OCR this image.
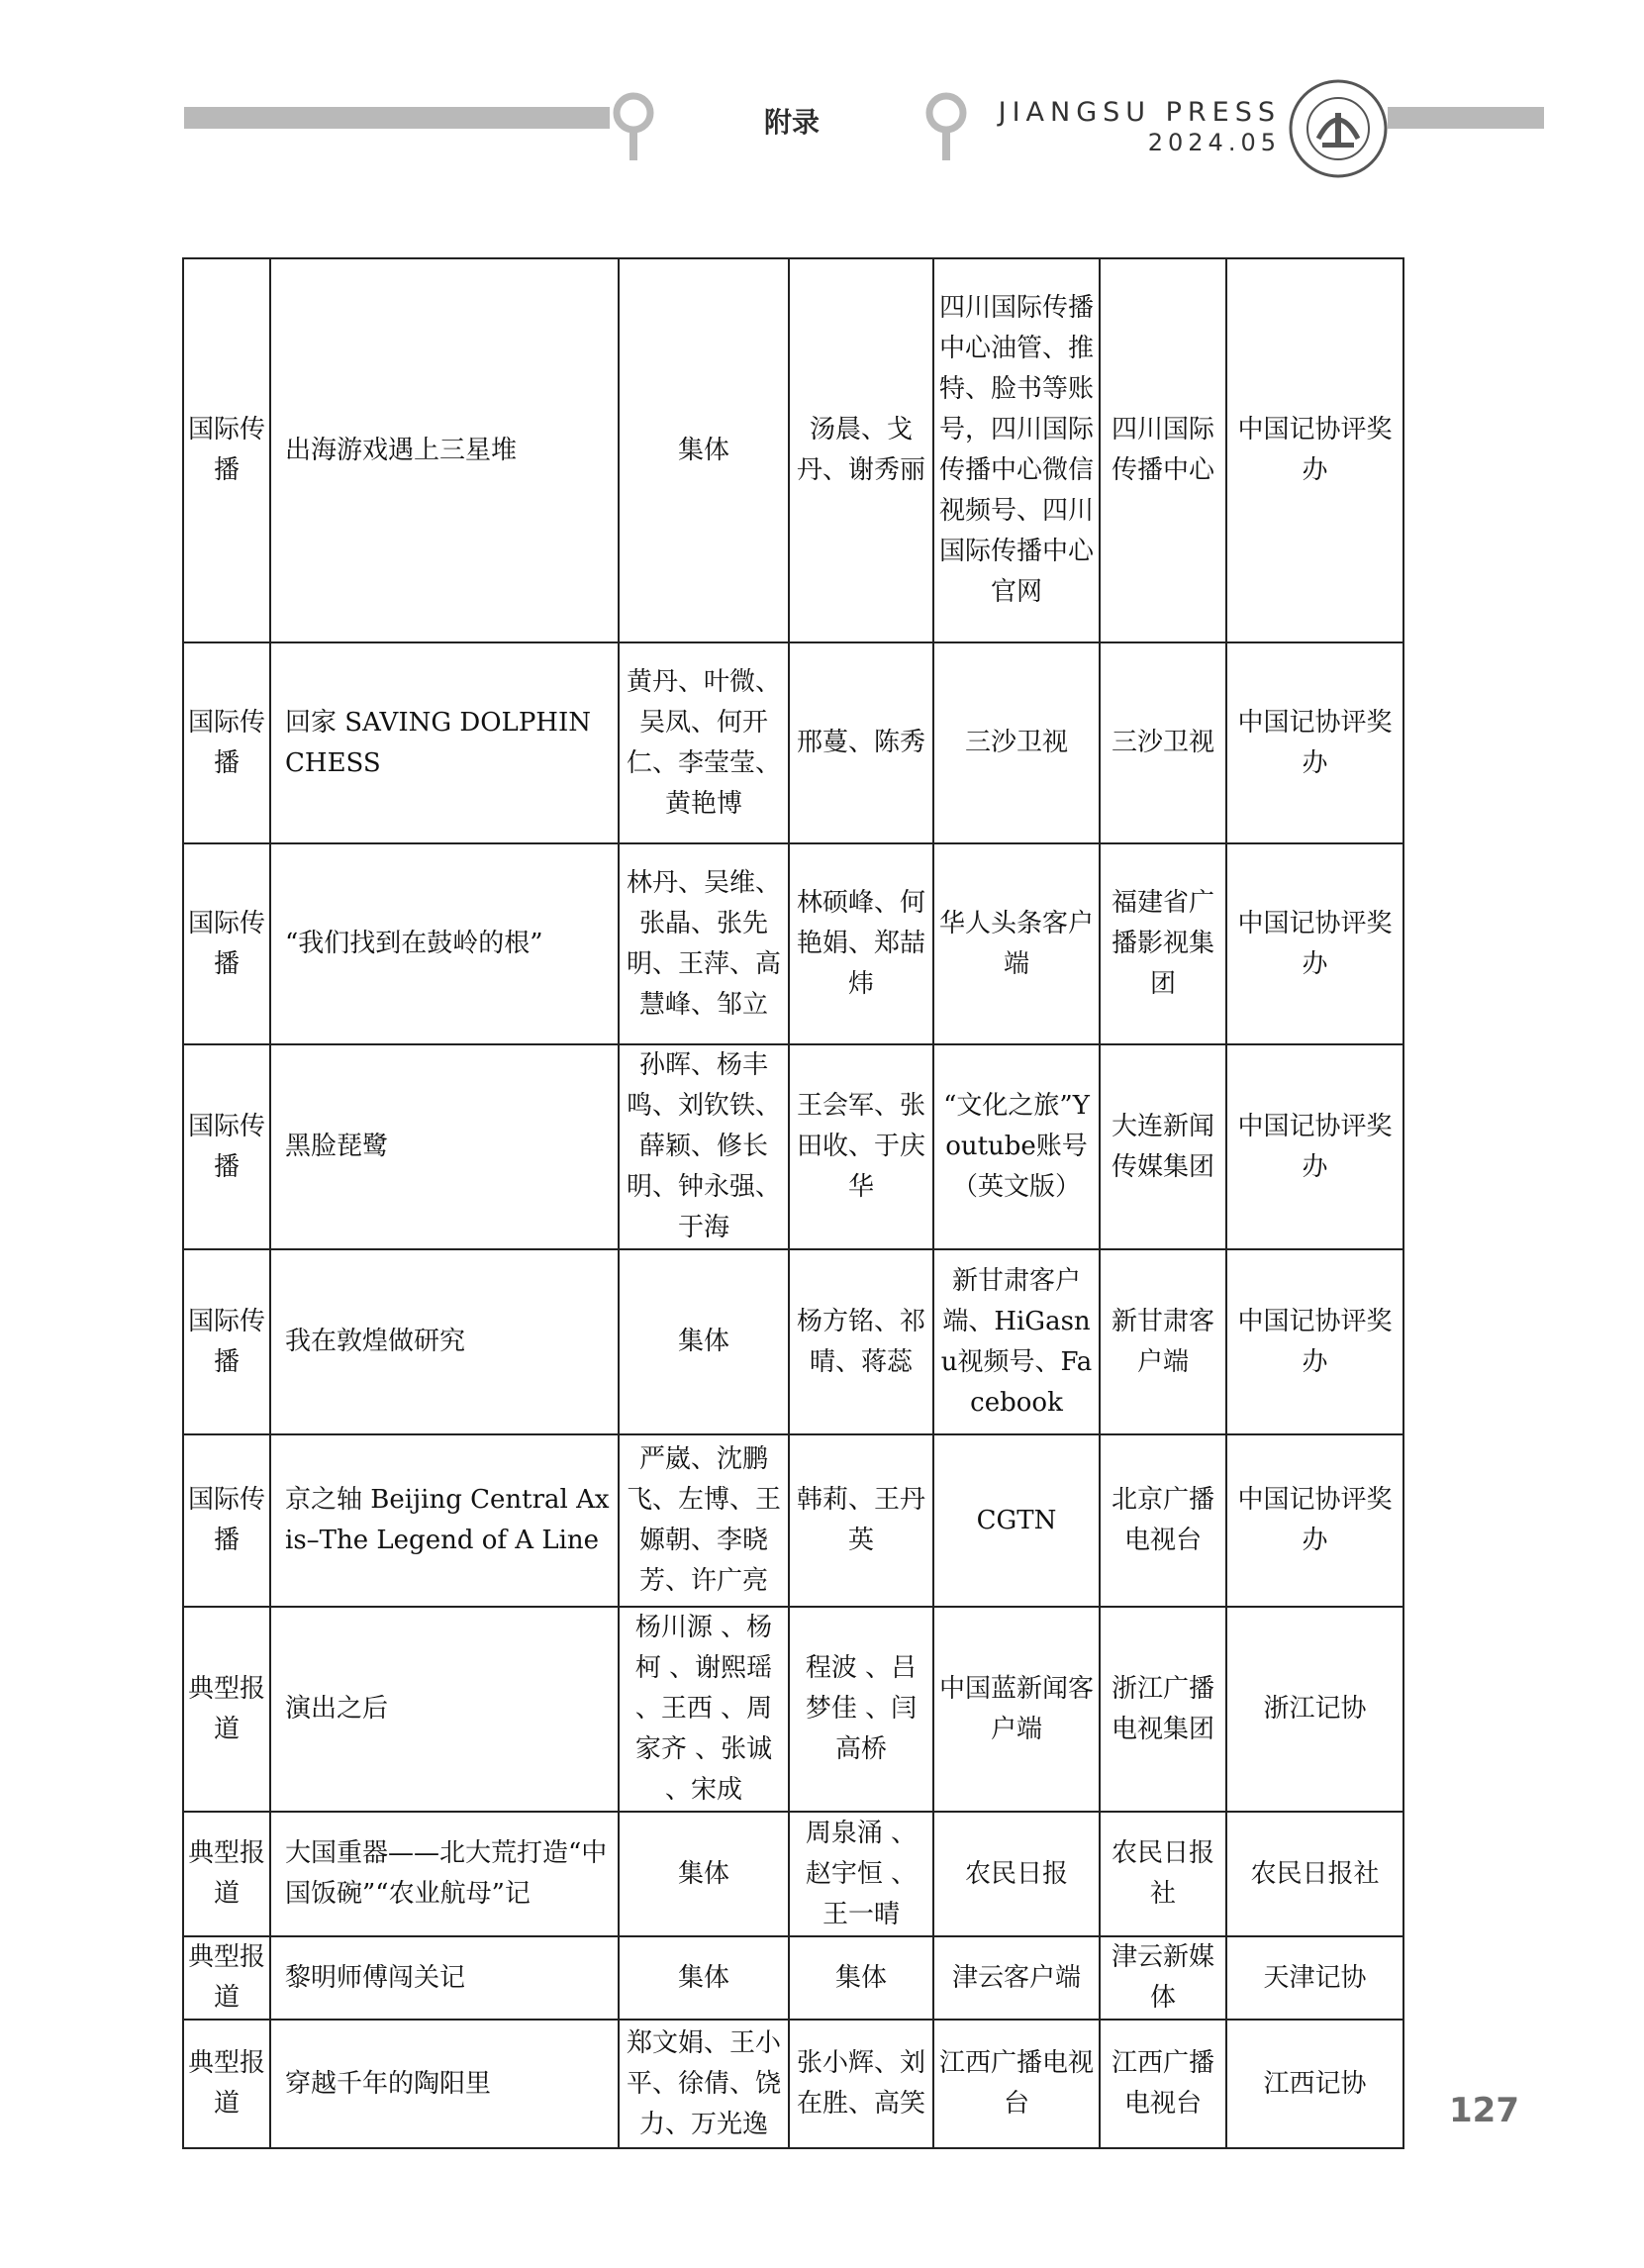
附录	JIANGSU PRESS
2024.05
国际传播	出海游戏遇上三星堆	集体	汤晨、戈丹、谢秀丽	四川国际传播中心油管、推特、脸书等账号，四川国际传播中心微信视频号、四川国际传播中心官网	四川国际传播中心	中国记协评奖办
国际传播	回家 SAVING DOLPHIN CHESS	黄丹、叶微、吴凤、何开仁、李莹莹、黄艳博	邢蔓、陈秀	三沙卫视	三沙卫视	中国记协评奖办
国际传播	“我们找到在鼓岭的根”	林丹、吴维、张晶、张先明、王萍、高慧峰、邹立	林硕峰、何艳娟、郑喆炜	华人头条客户端	福建省广播影视集团	中国记协评奖办
国际传播	黑脸琵鹭	孙晖、杨丰鸣、刘钦铁、薛颖、修长明、钟永强、于海	王会军、张田收、于庆华	“文化之旅”Youtube账号（英文版）	大连新闻传媒集团	中国记协评奖办
国际传播	我在敦煌做研究	集体	杨方铭、祁晴、蒋蕊	新甘肃客户端、HiGasnu视频号、Facebook	新甘肃客户端	中国记协评奖办
国际传播	京之轴 Beijing Central Axis–The Legend of A Line	严崴、沈鹏飞、左博、王嫄朝、李晓芳、许广亮	韩莉、王丹英	CGTN	北京广播电视台	中国记协评奖办
典型报道	演出之后	杨川源 、杨柯 、谢熙瑶 、王西 、周家齐 、张诚 、宋成	程波 、吕梦佳 、闫高桥	中国蓝新闻客户端	浙江广播电视集团	浙江记协
典型报道	大国重器——北大荒打造“中国饭碗”“农业航母”记	集体	周泉涌 、赵宇恒 、王一晴	农民日报	农民日报社	农民日报社
典型报道	黎明师傅闯关记	集体	集体	津云客户端	津云新媒体	天津记协
典型报道	穿越千年的陶阳里	郑文娟、王小平、徐倩、饶力、万光逸	张小辉、刘在胜、高笑	江西广播电视台	江西广播电视台	江西记协
127
